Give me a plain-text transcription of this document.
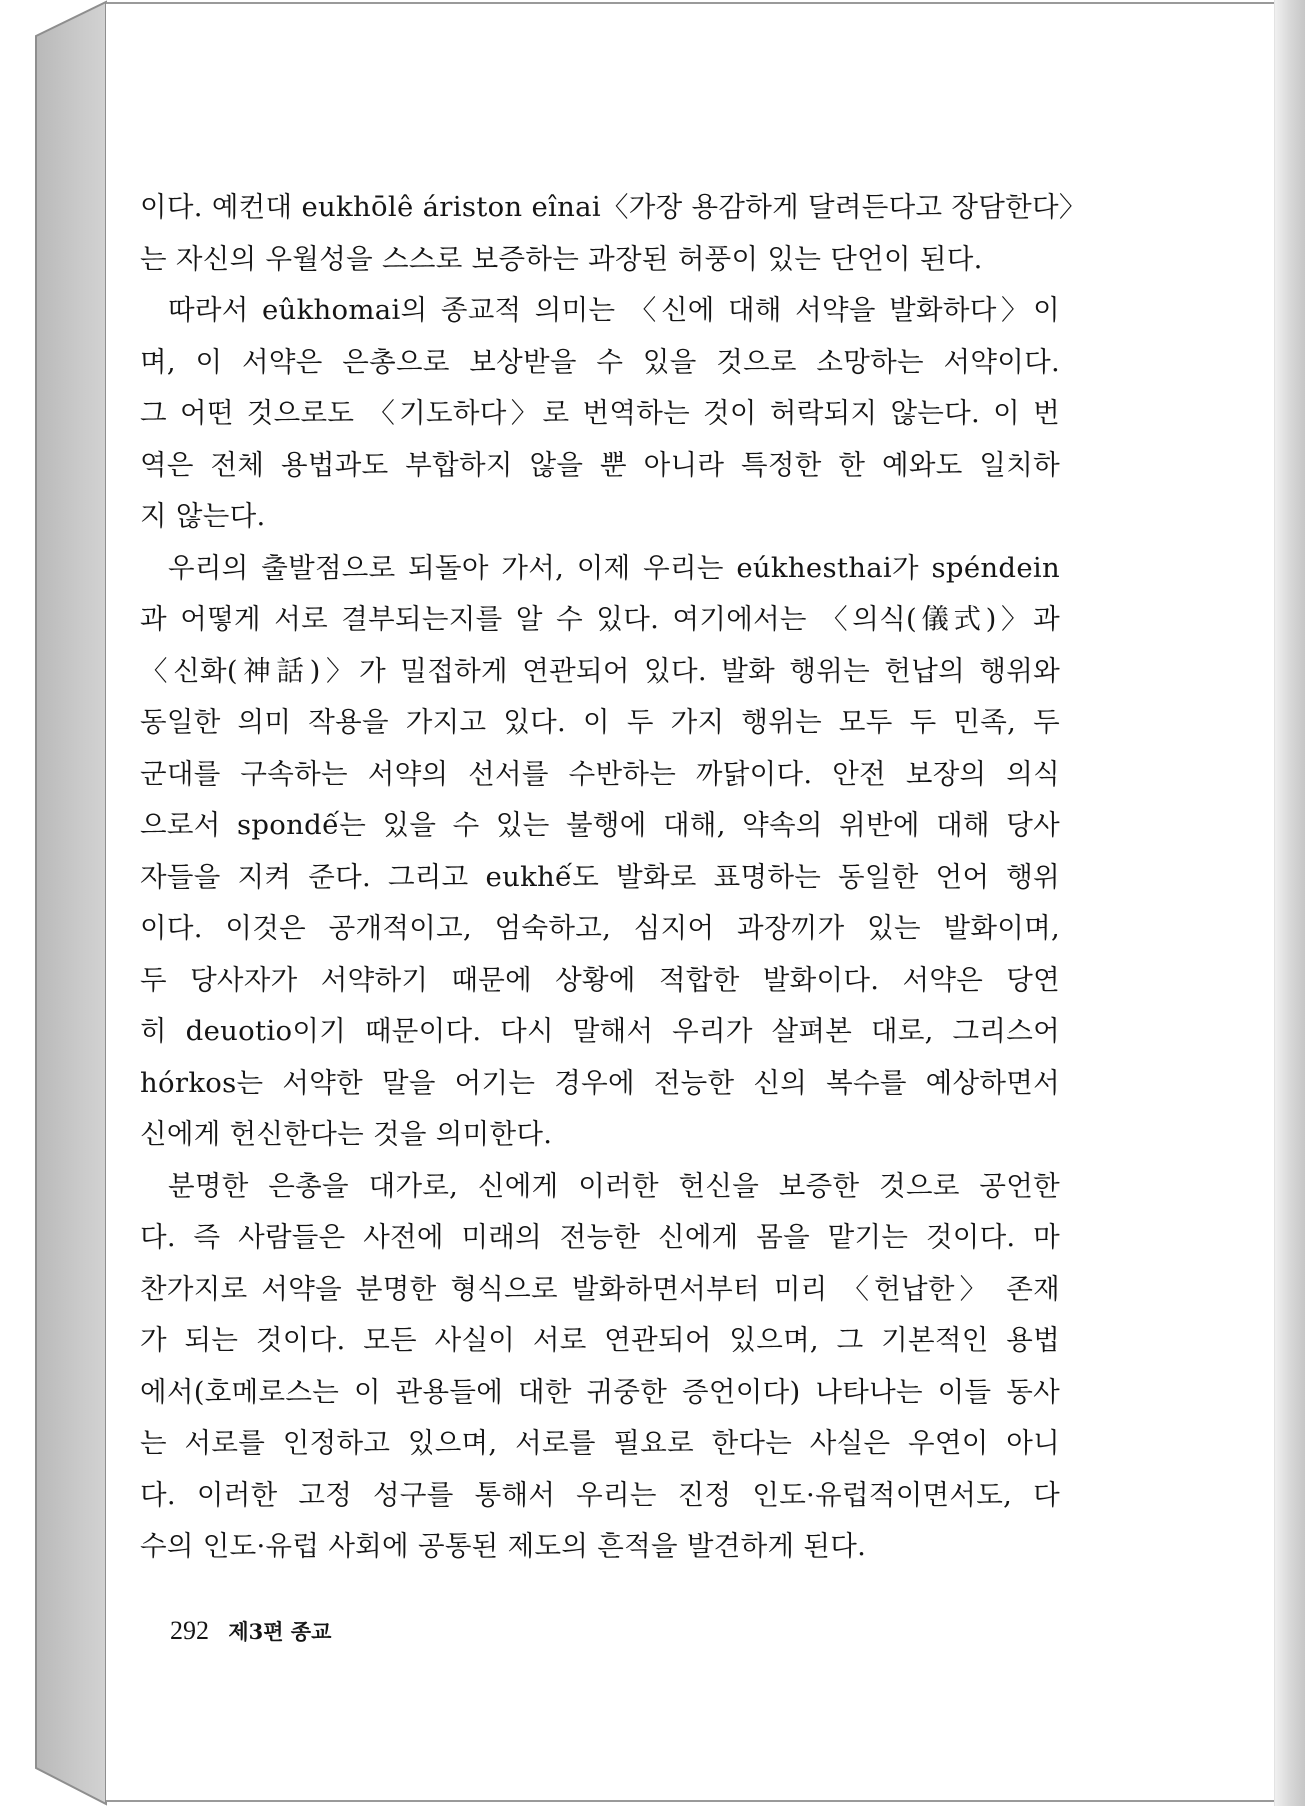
이다. 예컨대 eukhōlê áriston eînai〈가장 용감하게 달려든다고 장담한다〉
는 자신의 우월성을 스스로 보증하는 과장된 허풍이 있는 단언이 된다.
따라서 eûkhomai의 종교적 의미는 〈신에 대해 서약을 발화하다〉이
며, 이 서약은 은총으로 보상받을 수 있을 것으로 소망하는 서약이다.
그 어떤 것으로도 〈기도하다〉로 번역하는 것이 허락되지 않는다. 이 번
역은 전체 용법과도 부합하지 않을 뿐 아니라 특정한 한 예와도 일치하
지 않는다.
우리의 출발점으로 되돌아 가서, 이제 우리는 eúkhesthai가 spéndein
과 어떻게 서로 결부되는지를 알 수 있다. 여기에서는 〈의식(儀式)〉과
〈신화(神話)〉가 밀접하게 연관되어 있다. 발화 행위는 헌납의 행위와
동일한 의미 작용을 가지고 있다. 이 두 가지 행위는 모두 두 민족, 두
군대를 구속하는 서약의 선서를 수반하는 까닭이다. 안전 보장의 의식
으로서 spondế는 있을 수 있는 불행에 대해, 약속의 위반에 대해 당사
자들을 지켜 준다. 그리고 eukhế도 발화로 표명하는 동일한 언어 행위
이다. 이것은 공개적이고, 엄숙하고, 심지어 과장끼가 있는 발화이며,
두 당사자가 서약하기 때문에 상황에 적합한 발화이다. 서약은 당연
히 deuotio이기 때문이다. 다시 말해서 우리가 살펴본 대로, 그리스어
hórkos는 서약한 말을 어기는 경우에 전능한 신의 복수를 예상하면서
신에게 헌신한다는 것을 의미한다.
분명한 은총을 대가로, 신에게 이러한 헌신을 보증한 것으로 공언한
다. 즉 사람들은 사전에 미래의 전능한 신에게 몸을 맡기는 것이다. 마
찬가지로 서약을 분명한 형식으로 발화하면서부터 미리 〈헌납한〉 존재
가 되는 것이다. 모든 사실이 서로 연관되어 있으며, 그 기본적인 용법
에서(호메로스는 이 관용들에 대한 귀중한 증언이다) 나타나는 이들 동사
는 서로를 인정하고 있으며, 서로를 필요로 한다는 사실은 우연이 아니
다. 이러한 고정 성구를 통해서 우리는 진정 인도·유럽적이면서도, 다
수의 인도·유럽 사회에 공통된 제도의 흔적을 발견하게 된다.
292 제3편 종교
